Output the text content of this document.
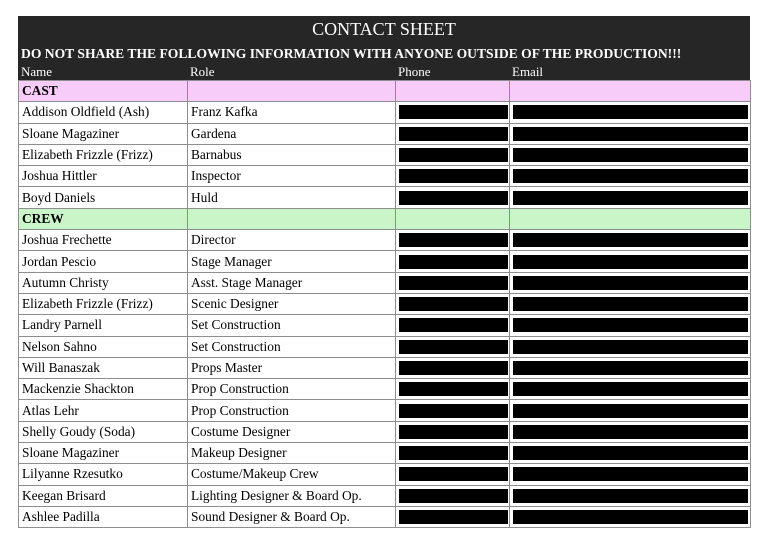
CONTACT SHEET
DO NOT SHARE THE FOLLOWING INFORMATION WITH ANYONE OUTSIDE OF THE PRODUCTION!!!
Name	Role	Phone	Email
CAST			
Addison Oldfield (Ash)	Franz Kafka	

Sloane Magaziner	Gardena	

Elizabeth Frizzle (Frizz)	Barnabus	

Joshua Hittler	Inspector	

Boyd Daniels	Huld	

CREW			
Joshua Frechette	Director	

Jordan Pescio	Stage Manager	

Autumn Christy	Asst. Stage Manager	

Elizabeth Frizzle (Frizz)	Scenic Designer	

Landry Parnell	Set Construction	

Nelson Sahno	Set Construction	

Will Banaszak	Props Master	

Mackenzie Shackton	Prop Construction	

Atlas Lehr	Prop Construction	

Shelly Goudy (Soda)	Costume Designer	

Sloane Magaziner	Makeup Designer	

Lilyanne Rzesutko	Costume/Makeup Crew	

Keegan Brisard	Lighting Designer & Board Op.	

Ashlee Padilla	Sound Designer & Board Op.	
